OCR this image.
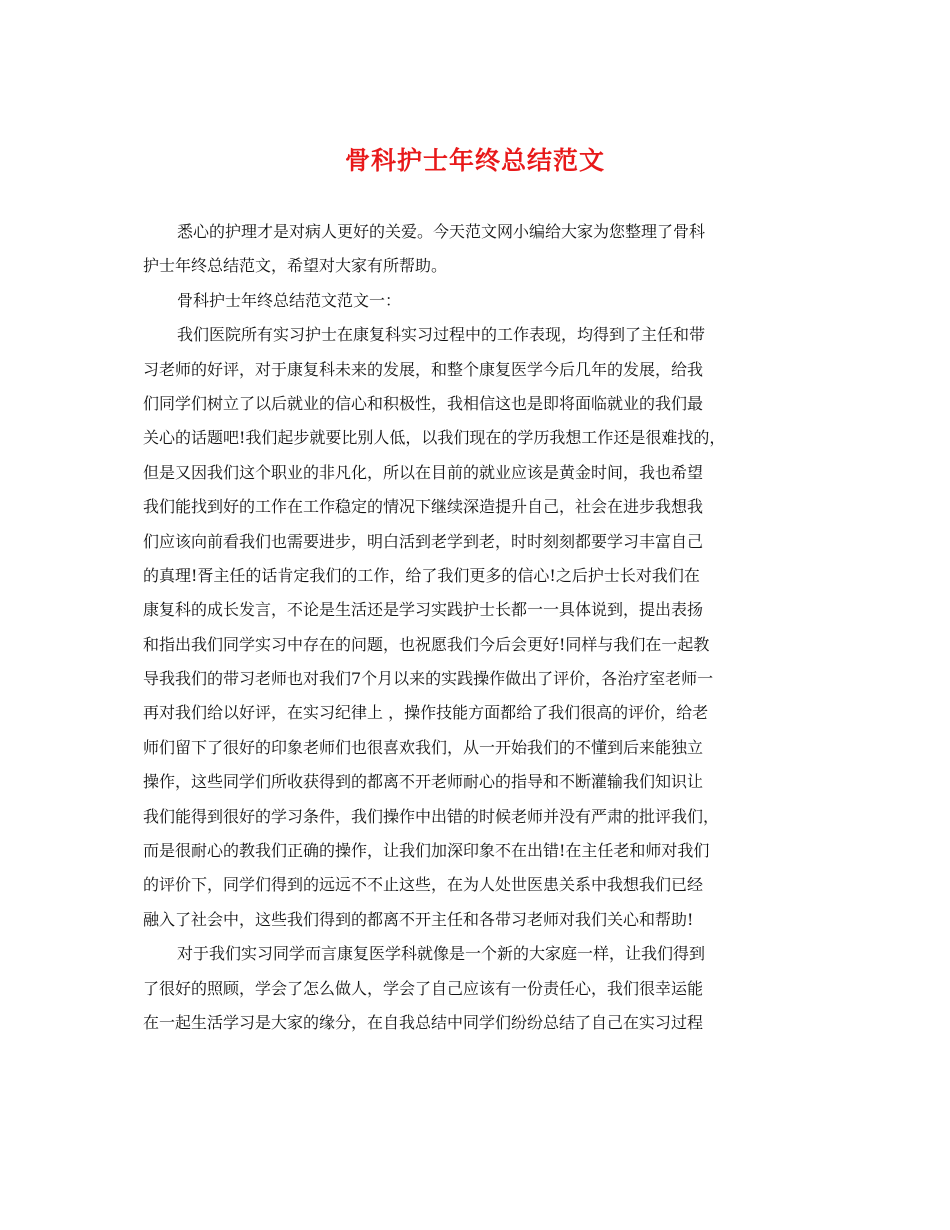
骨科护士年终总结范文
悉心的护理才是对病人更好的关爱。今天范文网小编给大家为您整理了骨科
护士年终总结范文，希望对大家有所帮助。
骨科护士年终总结范文范文一：
我们医院所有实习护士在康复科实习过程中的工作表现，均得到了主任和带
习老师的好评，对于康复科未来的发展，和整个康复医学今后几年的发展，给我
们同学们树立了以后就业的信心和积极性，我相信这也是即将面临就业的我们最
关心的话题吧!我们起步就要比别人低，以我们现在的学历我想工作还是很难找的，
但是又因我们这个职业的非凡化，所以在目前的就业应该是黄金时间，我也希望
我们能找到好的工作在工作稳定的情况下继续深造提升自己，社会在进步我想我
们应该向前看我们也需要进步，明白活到老学到老，时时刻刻都要学习丰富自己
的真理!胥主任的话肯定我们的工作，给了我们更多的信心!之后护士长对我们在
康复科的成长发言，不论是生活还是学习实践护士长都一一具体说到，提出表扬
和指出我们同学实习中存在的问题，也祝愿我们今后会更好!同样与我们在一起教
导我我们的带习老师也对我们7个月以来的实践操作做出了评价，各治疗室老师一
再对我们给以好评，在实习纪律上 ，操作技能方面都给了我们很高的评价，给老
师们留下了很好的印象老师们也很喜欢我们，从一开始我们的不懂到后来能独立
操作，这些同学们所收获得到的都离不开老师耐心的指导和不断灌输我们知识让
我们能得到很好的学习条件，我们操作中出错的时候老师并没有严肃的批评我们，
而是很耐心的教我们正确的操作，让我们加深印象不在出错!在主任老和师对我们
的评价下，同学们得到的远远不不止这些，在为人处世医患关系中我想我们已经
融入了社会中，这些我们得到的都离不开主任和各带习老师对我们关心和帮助!
对于我们实习同学而言康复医学科就像是一个新的大家庭一样，让我们得到
了很好的照顾，学会了怎么做人，学会了自己应该有一份责任心，我们很幸运能
在一起生活学习是大家的缘分，在自我总结中同学们纷纷总结了自己在实习过程
